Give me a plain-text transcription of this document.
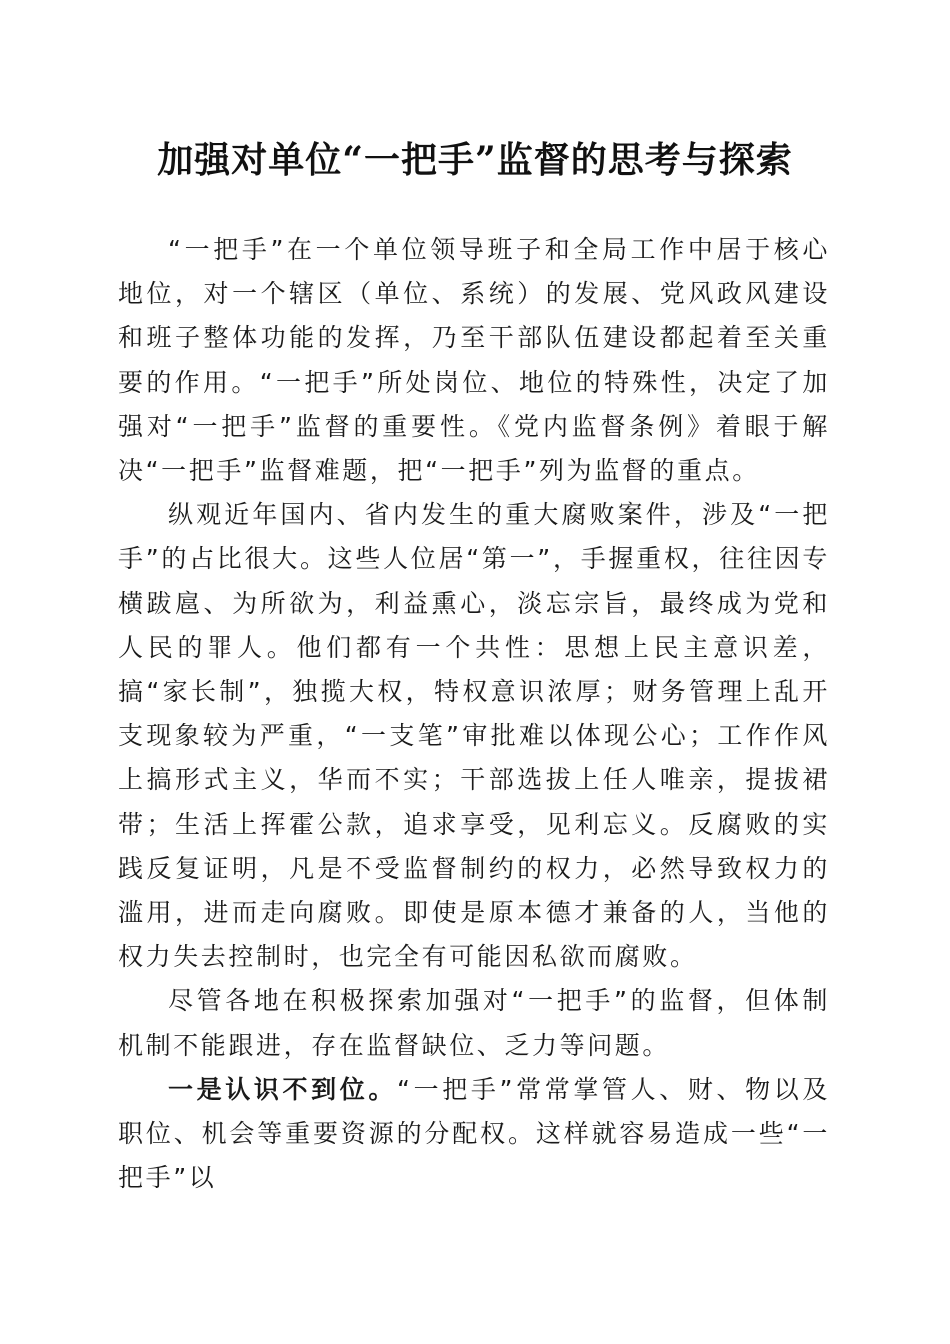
加强对单位“一把手”监督的思考与探索

“一把手”在一个单位领导班子和全局工作中居于核心地位，对一个辖区（单位、系统）的发展、党风政风建设和班子整体功能的发挥，乃至干部队伍建设都起着至关重要的作用。“一把手”所处岗位、地位的特殊性，决定了加强对“一把手”监督的重要性。《党内监督条例》着眼于解决“一把手”监督难题，把“一把手”列为监督的重点。

纵观近年国内、省内发生的重大腐败案件，涉及“一把手”的占比很大。这些人位居“第一”，手握重权，往往因专横跋扈、为所欲为，利益熏心，淡忘宗旨，最终成为党和人民的罪人。他们都有一个共性：思想上民主意识差，搞“家长制”，独揽大权，特权意识浓厚；财务管理上乱开支现象较为严重，“一支笔”审批难以体现公心；工作作风上搞形式主义，华而不实；干部选拔上任人唯亲，提拔裙带；生活上挥霍公款，追求享受，见利忘义。反腐败的实践反复证明，凡是不受监督制约的权力，必然导致权力的滥用，进而走向腐败。即使是原本德才兼备的人，当他的权力失去控制时，也完全有可能因私欲而腐败。

尽管各地在积极探索加强对“一把手”的监督，但体制机制不能跟进，存在监督缺位、乏力等问题。

一是认识不到位。“一把手”常常掌管人、财、物以及职位、机会等重要资源的分配权。这样就容易造成一些“一把手”以
